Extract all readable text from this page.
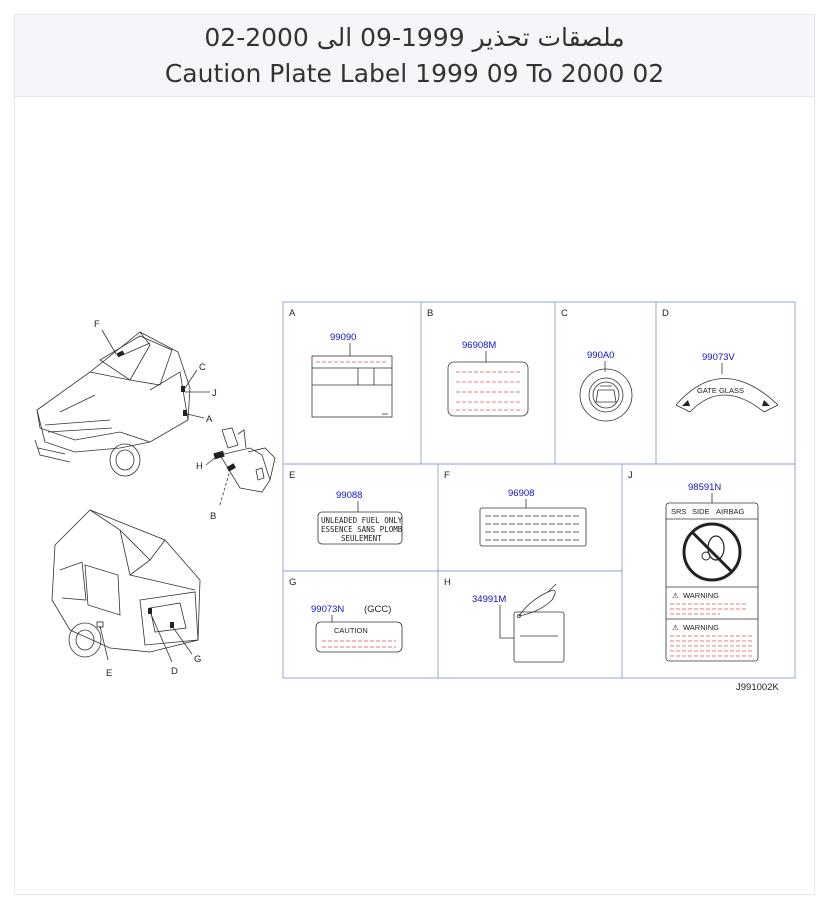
ملصقات تحذير 1999-09 الى 2000-02
Caution Plate Label 1999 09 To 2000 02
F
C
J
A
H
B
E	D
G
A
99090
B
96908M
C
990A0
D
99073V
GATE GLASS
E
99088
UNLEADED FUEL ONLY
ESSENCE SANS PLOMB
SEULEMENT
F
96908
J
98591N
SRS SIDE AIRBAG
⚠ WARNING
⚠ WARNING
G
99073N (GCC)
CAUTION
H
34991M
J991002K
